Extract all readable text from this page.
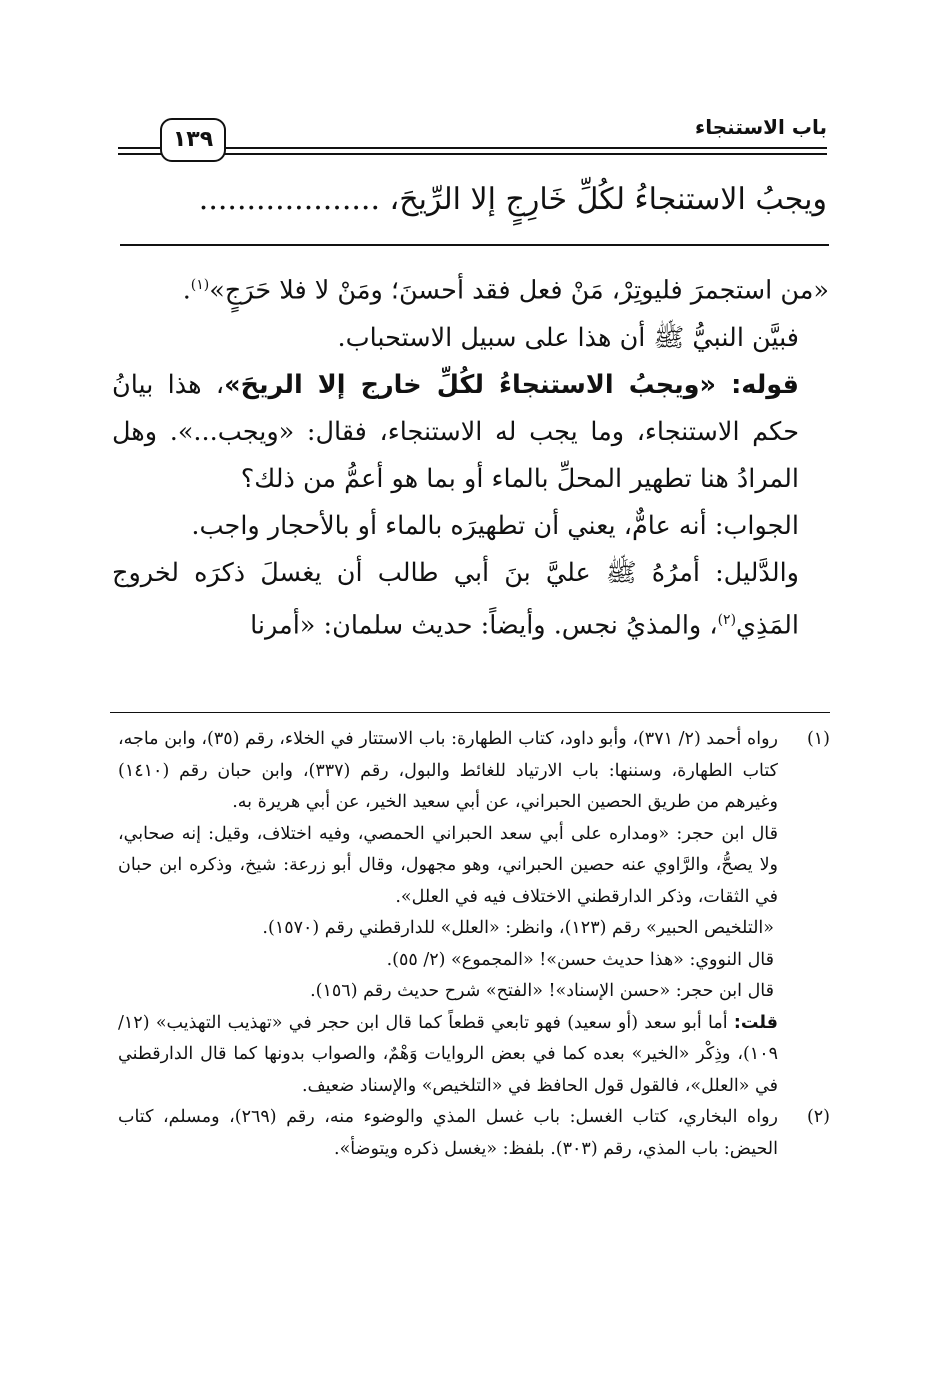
باب الاستنجاء
١٣٩
ويجبُ الاستنجاءُ لكُلِّ خَارِجٍ إلا الرِّيحَ، ...................

«من استجمرَ فليوتِرْ، مَنْ فعل فقد أحسنَ؛ ومَنْ لا فلا حَرَجٍ»$^{(١)}$.

فبيَّن النبيُّ ﷺ أن هذا على سبيل الاستحباب.

قوله: «ويجبُ الاستنجاءُ لكُلِّ خارج إلا الريحَ»، هذا بيانُ حكم الاستنجاء، وما يجب له الاستنجاء، فقال: «ويجب...». وهل المرادُ هنا تطهير المحلِّ بالماء أو بما هو أعمُّ من ذلك؟

الجواب: أنه عامٌّ، يعني أن تطهيرَه بالماء أو بالأحجار واجب.

والدَّليل: أمرُهُ ﷺ عليَّ بنَ أبي طالب أن يغسلَ ذكرَه لخروج المَذِي$^{(٢)}$، والمذيُ نجس. وأيضاً: حديث سلمان: «أمرنا

(١)

رواه أحمد (٢/ ٣٧١)، وأبو داود، كتاب الطهارة: باب الاستتار في الخلاء، رقم (٣٥)، وابن ماجه، كتاب الطهارة، وسننها: باب الارتياد للغائط والبول، رقم (٣٣٧)، وابن حبان رقم (١٤١٠) وغيرهم من طريق الحصين الحبراني، عن أبي سعيد الخير، عن أبي هريرة به.

قال ابن حجر: «ومداره على أبي سعد الحبراني الحمصي، وفيه اختلاف، وقيل: إنه صحابي، ولا يصحُّ، والرَّاوي عنه حصين الحبراني، وهو مجهول، وقال أبو زرعة: شيخ، وذكره ابن حبان في الثقات، وذكر الدارقطني الاختلاف فيه في العلل».

«التلخيص الحبير» رقم (١٢٣)، وانظر: «العلل» للدارقطني رقم (١٥٧٠).

قال النووي: «هذا حديث حسن»! «المجموع» (٢/ ٥٥).

قال ابن حجر: «حسن الإسناد»! «الفتح» شرح حديث رقم (١٥٦).

قلت: أما أبو سعد (أو سعيد) فهو تابعي قطعاً كما قال ابن حجر في «تهذيب التهذيب» (١٢/ ١٠٩)، وذِكْر «الخير» بعده كما في بعض الروايات وَهْمٌ، والصواب بدونها كما قال الدارقطني في «العلل»، فالقول قول الحافظ في «التلخيص» والإسناد ضعيف.

(٢)

رواه البخاري، كتاب الغسل: باب غسل المذي والوضوء منه، رقم (٢٦٩)، ومسلم، كتاب الحيض: باب المذي، رقم (٣٠٣). بلفظ: «يغسل ذكره ويتوضأ».
